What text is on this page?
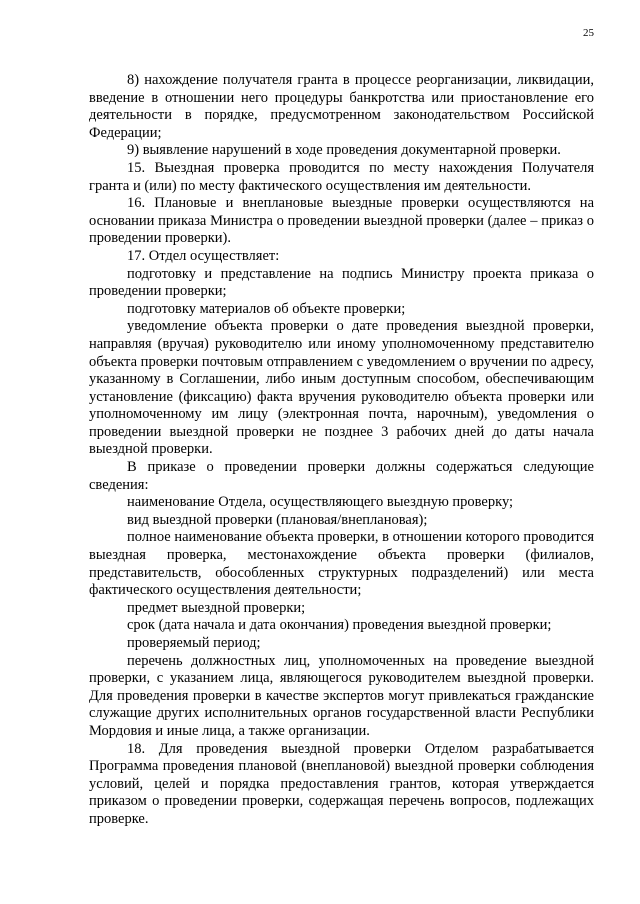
25

8) нахождение получателя гранта в процессе реорганизации, ликвидации, введение в отношении него процедуры банкротства или приостановление его деятельности в порядке, предусмотренном законодательством Российской Федерации;

9) выявление нарушений в ходе проведения документарной проверки.

15. Выездная проверка проводится по месту нахождения Получателя гранта и (или) по месту фактического осуществления им деятельности.

16. Плановые и внеплановые выездные проверки осуществляются на основании приказа Министра о проведении выездной проверки (далее – приказ о проведении проверки).

17. Отдел осуществляет:

подготовку и представление на подпись Министру проекта приказа о проведении проверки;

подготовку материалов об объекте проверки;

уведомление объекта проверки о дате проведения выездной проверки, направляя (вручая) руководителю или иному уполномоченному представителю объекта проверки почтовым отправлением с уведомлением о вручении по адресу, указанному в Соглашении, либо иным доступным способом, обеспечивающим установление (фиксацию) факта вручения руководителю объекта проверки или уполномоченному им лицу (электронная почта, нарочным), уведомления о проведении выездной проверки не позднее 3 рабочих дней до даты начала выездной проверки.

В приказе о проведении проверки должны содержаться следующие сведения:

наименование Отдела, осуществляющего выездную проверку;

вид выездной проверки (плановая/внеплановая);

полное наименование объекта проверки, в отношении которого проводится выездная проверка, местонахождение объекта проверки (филиалов, представительств, обособленных структурных подразделений) или места фактического осуществления деятельности;

предмет выездной проверки;

срок (дата начала и дата окончания) проведения выездной проверки;

проверяемый период;

перечень должностных лиц, уполномоченных на проведение выездной проверки, с указанием лица, являющегося руководителем выездной проверки. Для проведения проверки в качестве экспертов могут привлекаться гражданские служащие других исполнительных органов государственной власти Республики Мордовия и иные лица, а также организации.

18. Для проведения выездной проверки Отделом разрабатывается Программа проведения плановой (внеплановой) выездной проверки соблюдения условий, целей и порядка предоставления грантов, которая утверждается приказом о проведении проверки, содержащая перечень вопросов, подлежащих проверке.
